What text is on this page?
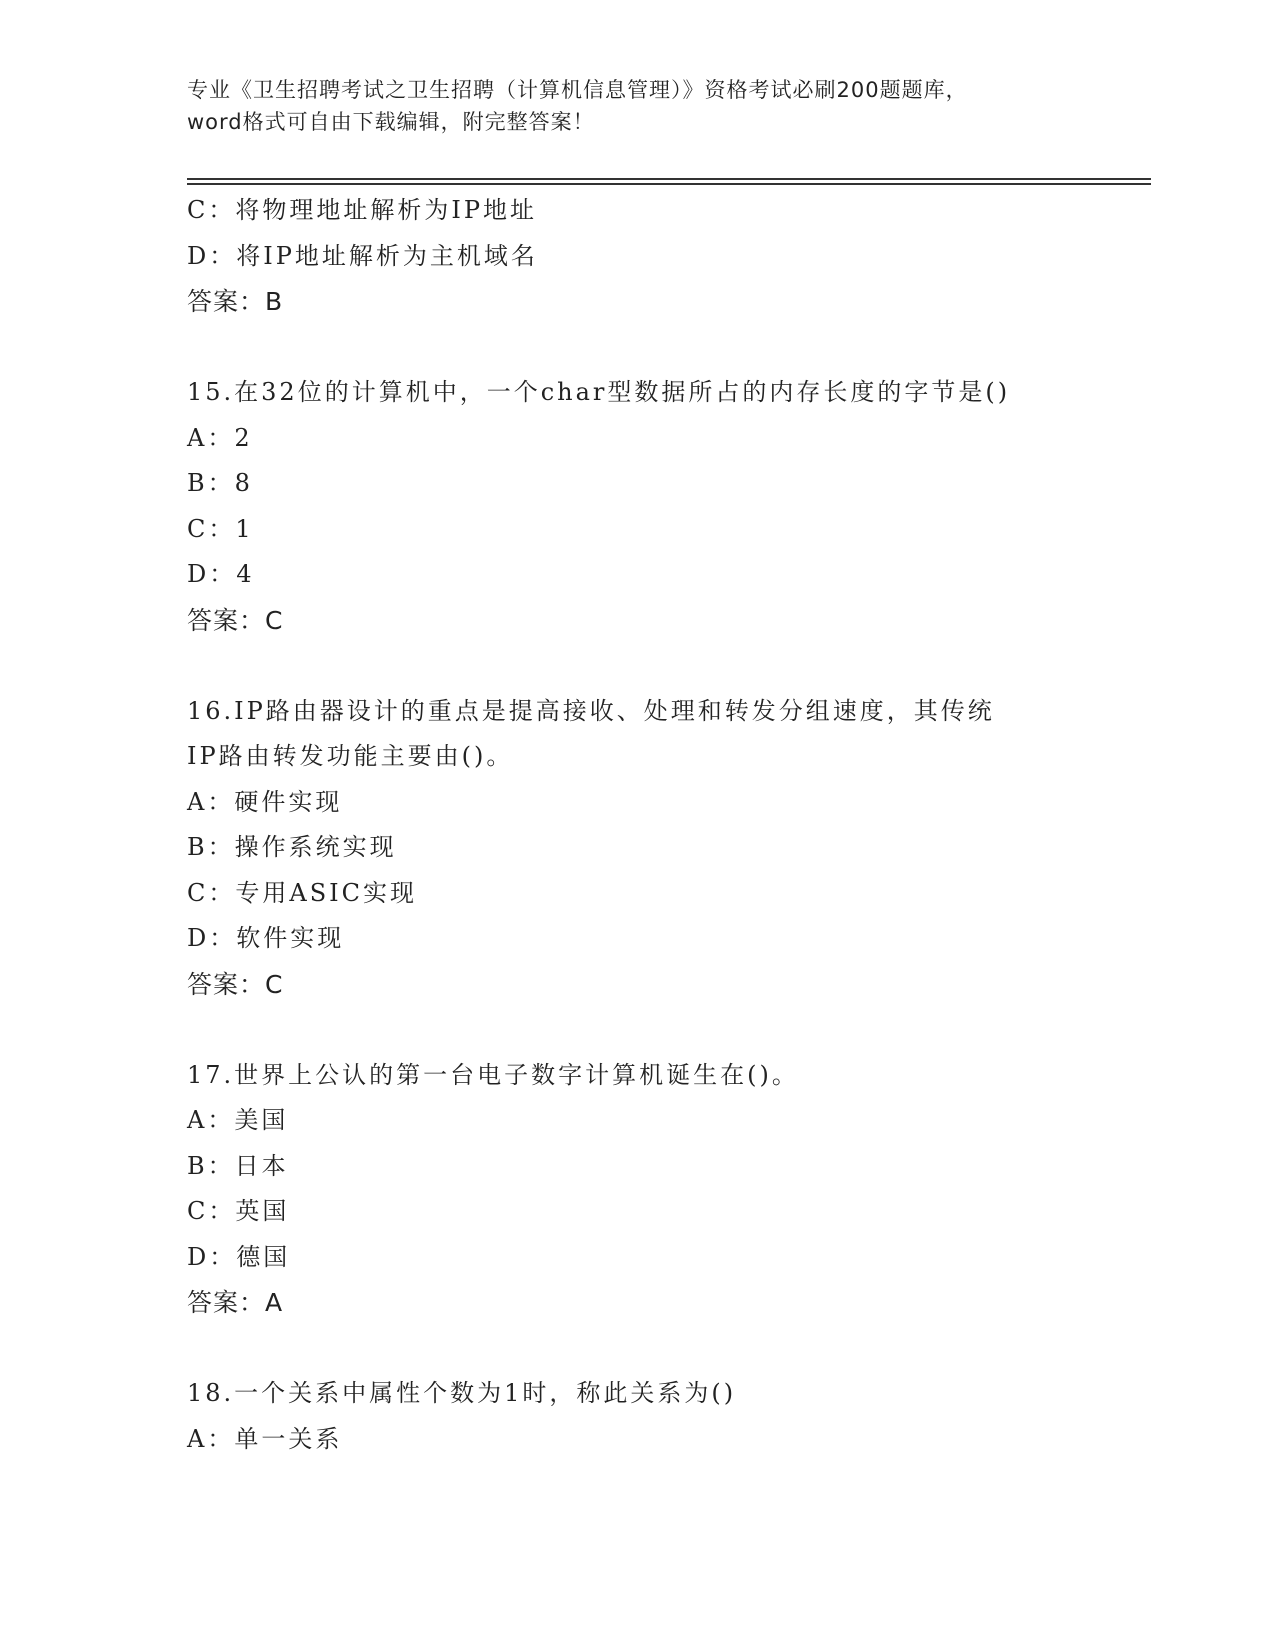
专业《卫生招聘考试之卫生招聘（计算机信息管理）》资格考试必刷200题题库，
word格式可自由下载编辑，附完整答案！
C：将物理地址解析为IP地址
D：将IP地址解析为主机域名
答案：B
15.在32位的计算机中，一个char型数据所占的内存长度的字节是()
A：2
B：8
C：1
D：4
答案：C
16.IP路由器设计的重点是提高接收、处理和转发分组速度，其传统
IP路由转发功能主要由()。
A：硬件实现
B：操作系统实现
C：专用ASIC实现
D：软件实现
答案：C
17.世界上公认的第一台电子数字计算机诞生在()。
A：美国
B：日本
C：英国
D：德国
答案：A
18.一个关系中属性个数为1时，称此关系为()
A：单一关系
